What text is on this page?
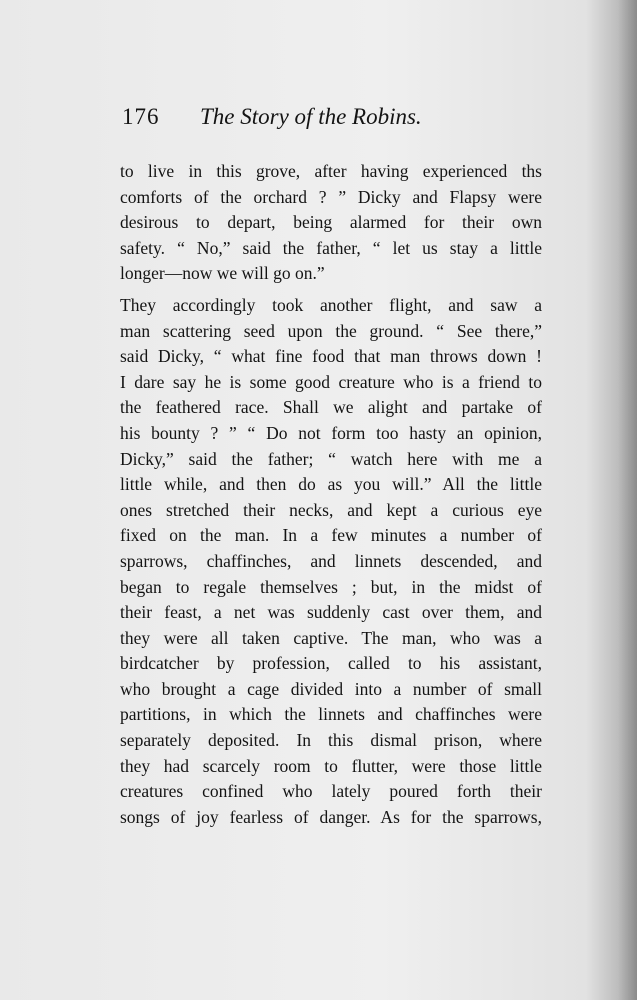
176 The Story of the Robins.
to live in this grove, after having experienced ths
comforts of the orchard ? ” Dicky and Flapsy were
desirous to depart, being alarmed for their own
safety. “ No,” said the father, “ let us stay a little
longer—now we will go on.”
They accordingly took another flight, and saw a
man scattering seed upon the ground. “ See there,”
said Dicky, “ what fine food that man throws down !
I dare say he is some good creature who is a friend to
the feathered race. Shall we alight and partake of
his bounty ? ” “ Do not form too hasty an opinion,
Dicky,” said the father; “ watch here with me a
little while, and then do as you will.” All the little
ones stretched their necks, and kept a curious eye
fixed on the man. In a few minutes a number of
sparrows, chaffinches, and linnets descended, and
began to regale themselves ; but, in the midst of
their feast, a net was suddenly cast over them, and
they were all taken captive. The man, who was a
birdcatcher by profession, called to his assistant,
who brought a cage divided into a number of small
partitions, in which the linnets and chaffinches were
separately deposited. In this dismal prison, where
they had scarcely room to flutter, were those little
creatures confined who lately poured forth their
songs of joy fearless of danger. As for the sparrows,
